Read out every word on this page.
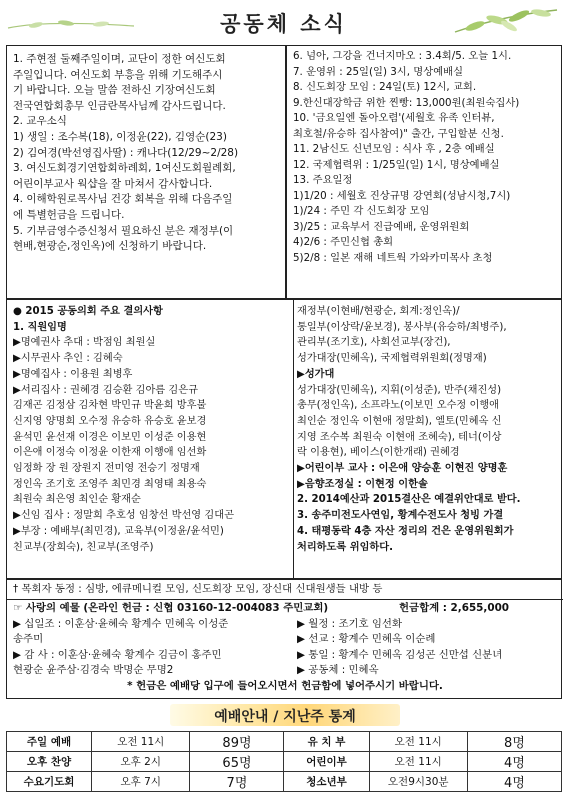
공동체 소식
1. 주현절 둘째주일이며, 교단이 정한 여신도회
주일입니다. 여신도회 부흥을 위해 기도해주시
기 바랍니다. 오늘 말씀 전하신 기장여신도회
전국연합회총무 인금란목사님께 감사드립니다.
2. 교우소식
1) 생일 : 조수복(18), 이정윤(22), 김영순(23)
2) 김여경(박선영집사딸) : 캐나다(12/29~2/28)
3. 여신도회경기연합회하례회, 1여신도회월례회,
어린이부교사 웍샵을 잘 마쳐서 감사합니다.
4. 이해학원로목사님 건강 회복을 위해 다음주일
에 특별헌금을 드립니다.
5. 기부금영수증신청서 필요하신 분은 재정부(이
현배,현광순,정인옥)에 신청하기 바랍니다.
6. 넘아, 그강을 건너지마오 : 3.4회/5. 오늘 1시.
7. 운영위 : 25일(일) 3시, 명상예배실
8. 신도회장 모임 : 24일(토) 12시, 교회.
9.한신대장학금 위한 찐빵: 13,000원(최원숙집사)
10. '금요일엔 돌아오렴'(세월호 유족 인터뷰,
최호철/유승하 집사참여)" 출간, 구입할분 신청.
11. 2남신도 신년모임 : 식사 후 , 2층 예배실
12. 국제협력위 : 1/25일(일) 1시, 명상예배실
13. 주요일정
1)1/20 : 세월호 진상규명 강연회(성남시청,7시)
1)/24 : 주민 각 신도회장 모임
3)/25 : 교육부서 진급예배, 운영위원회
4)2/6 : 주민신협 총회
5)2/8 : 일본 재해 네트웍 가와카미목사 초청
● 2015 공동의회 주요 결의사항
1. 직원임명
▶명예권사 추대 : 박점임 최원실
▶시무권사 추인 : 김혜숙
▶명예집사 : 이용원 최병후
▶서리집사 : 권혜경 김승환 김아름 김은규
김재곤 김정삼 김차현 박민규 박윤희 방후불
신지영 양명희 오수정 유승하 유승호 윤보경
윤석민 윤선재 이경은 이보민 이성준 이용현
이은애 이정숙 이정윤 이한재 이행애 임선화
임정화 장 원 장원지 전미영 전승기 정명재
정인옥 조기호 조영주 최민경 최영태 최용숙
최원숙 최은영 최인순 황재순
▶신임 집사 : 정말희 추호성 임창선 박선영 김대곤
▶부장 : 예배부(최민경), 교육부(이정윤/윤석민)
친교부(장희숙), 친교부(조영주)
재정부(이현배/현광순, 회계:정인옥)/
통일부(이상락/윤보경), 봉사부(유승하/최병주),
관리부(조기호), 사회선교부(장건),
성가대장(민혜옥), 국제협력위원회(정명재)
▶성가대
성가대장(민혜옥), 지휘(이성준), 반주(채진성)
총무(정인옥), 소프라노(이보민 오수정 이행애
최인순 정인옥 이현애 정말희), 엘토(민혜옥 신
지영 조수복 최원숙 이현애 조혜숙), 테너(이상
락 이용현), 베이스(이한개래) 권혜경
▶어린이부 교사 : 이은애 양승훈 이현진 양명훈
▶음향조정실 : 이현정 이한솔
2. 2014예산과 2015결산은 예결위안대로 받다.
3. 송주미전도사연임, 황계수전도사 청빙 가결
4. 태평동락 4층 자산 정리의 건은 운영위원회가
처리하도록 위임하다.
† 목회자 동정 : 심방, 에큐메니컬 모임, 신도회장 모임, 장신대 신대원생들 내방 등
☞ 사랑의 예물 (온라인 헌금 : 신협 03160-12-004083 주민교회)	헌금합계 : 2,655,000
▶ 십일조 : 이훈삼·윤혜숙 황계수 민혜옥 이성준
송주미
▶ 감 사 : 이훈삼·윤혜숙 황계수 김금이 홍주민
현광순 윤주삼·김경숙 박명순 무명2
▶ 월정 : 조기호 임선화
▶ 선교 : 황계수 민혜옥 이순례
▶ 통일 : 황계수 민혜옥 김성곤 신만섭 신분녀
▶ 공동체 : 민혜옥
* 헌금은 예배당 입구에 들어오시면서 헌금함에 넣어주시기 바랍니다.
예배안내 / 지난주 통계
주일 예배	오전 11시	89명	유 치 부	오전 11시	8명
오후 찬양	오후 2시	65명	어린이부	오전 11시	4명
수요기도회	오후 7시	7명	청소년부	오전9시30분	4명
